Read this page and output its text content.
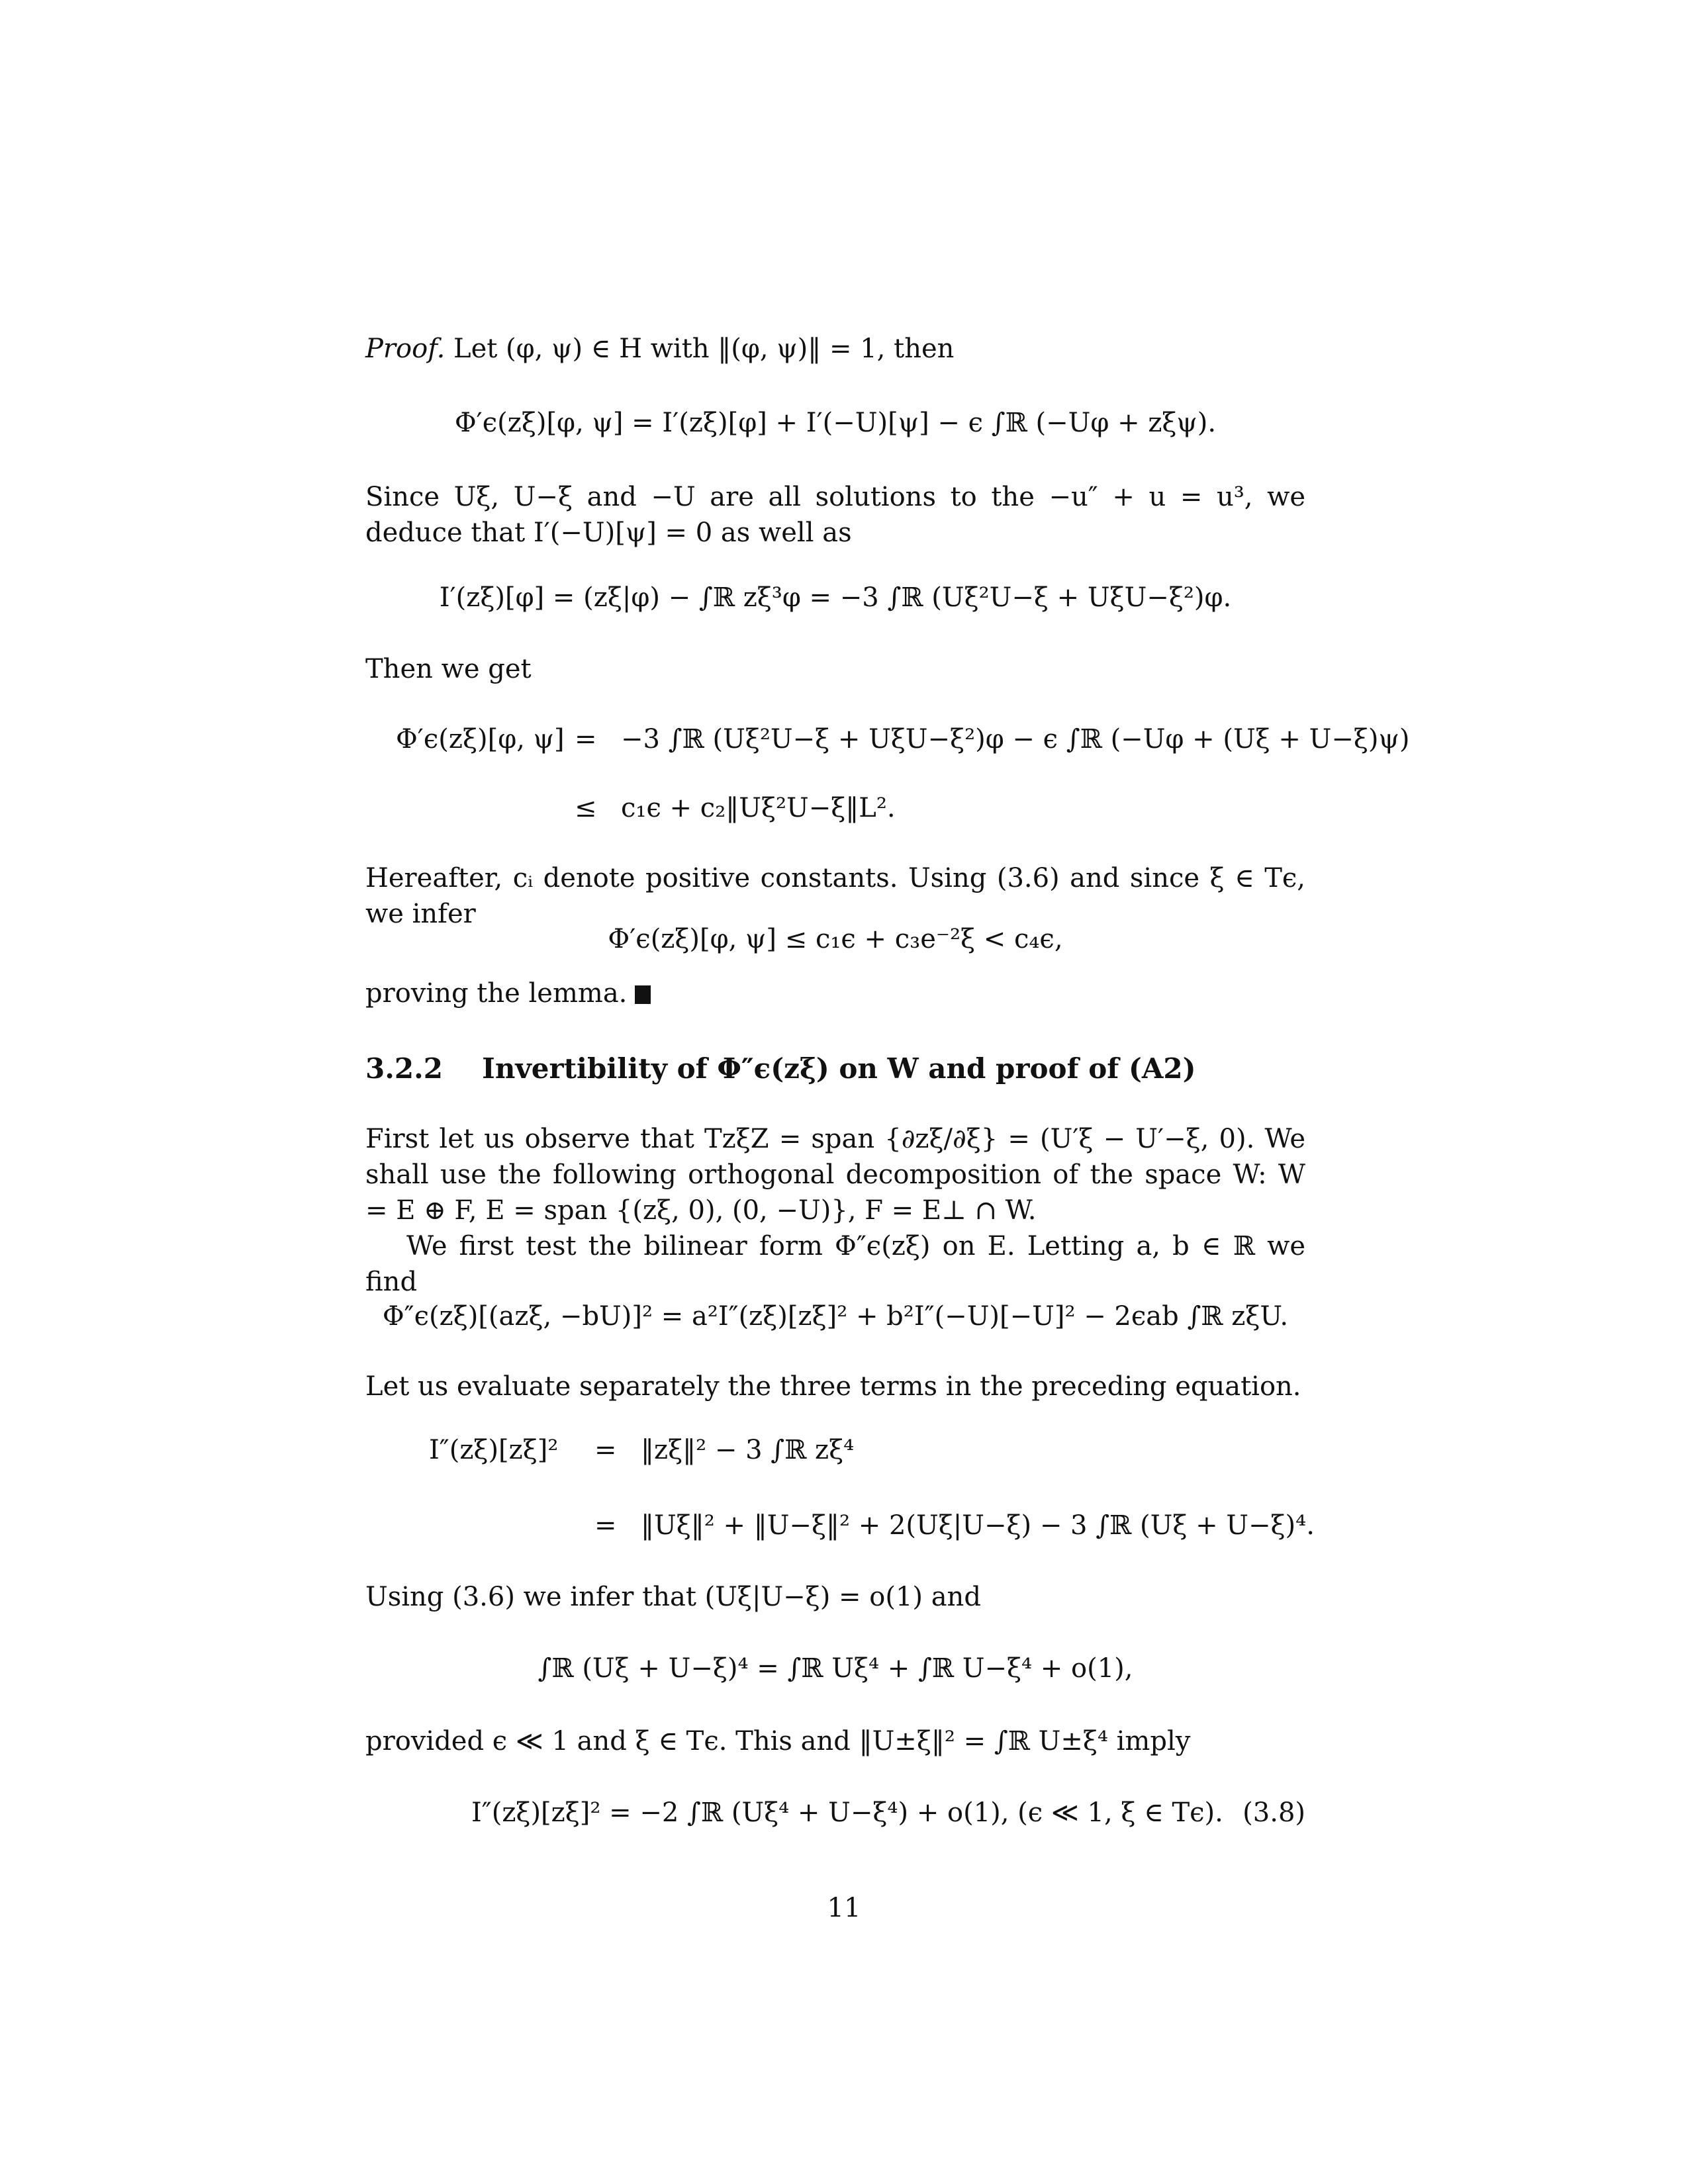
Proof. Let (φ, ψ) ∈ H with ‖(φ, ψ)‖ = 1, then
Φ′ϵ(zξ)[φ, ψ] = I′(zξ)[φ] + I′(−U)[ψ] − ϵ ∫ℝ (−Uφ + zξψ).
Since Uξ, U−ξ and −U are all solutions to the −u″ + u = u³, we deduce that I′(−U)[ψ] = 0 as well as
I′(zξ)[φ] = (zξ|φ) − ∫ℝ zξ³φ = −3 ∫ℝ (Uξ²U−ξ + UξU−ξ²)φ.
Then we get
Φ′ϵ(zξ)[φ, ψ] = −3 ∫ℝ (Uξ²U−ξ + UξU−ξ²)φ − ϵ ∫ℝ (−Uφ + (Uξ + U−ξ)ψ)
≤ c₁ϵ + c₂‖Uξ²U−ξ‖L².
Hereafter, cᵢ denote positive constants. Using (3.6) and since ξ ∈ Tϵ, we infer
Φ′ϵ(zξ)[φ, ψ] ≤ c₁ϵ + c₃e⁻²ξ < c₄ϵ,
proving the lemma.
3.2.2 Invertibility of Φ″ϵ(zξ) on W and proof of (A2)
First let us observe that TzξZ = span {∂zξ/∂ξ} = (U′ξ − U′−ξ, 0). We shall use the following orthogonal decomposition of the space W: W = E ⊕ F, E = span {(zξ, 0), (0, −U)}, F = E⊥ ∩ W.
We first test the bilinear form Φ″ϵ(zξ) on E. Letting a, b ∈ ℝ we find
Φ″ϵ(zξ)[(azξ, −bU)]² = a²I″(zξ)[zξ]² + b²I″(−U)[−U]² − 2ϵab ∫ℝ zξU.
Let us evaluate separately the three terms in the preceding equation.
I″(zξ)[zξ]² = ‖zξ‖² − 3 ∫ℝ zξ⁴
= ‖Uξ‖² + ‖U−ξ‖² + 2(Uξ|U−ξ) − 3 ∫ℝ (Uξ + U−ξ)⁴.
Using (3.6) we infer that (Uξ|U−ξ) = o(1) and
∫ℝ (Uξ + U−ξ)⁴ = ∫ℝ Uξ⁴ + ∫ℝ U−ξ⁴ + o(1),
provided ϵ ≪ 1 and ξ ∈ Tϵ. This and ‖U±ξ‖² = ∫ℝ U±ξ⁴ imply
I″(zξ)[zξ]² = −2 ∫ℝ (Uξ⁴ + U−ξ⁴) + o(1), (ϵ ≪ 1, ξ ∈ Tϵ). (3.8)
11
